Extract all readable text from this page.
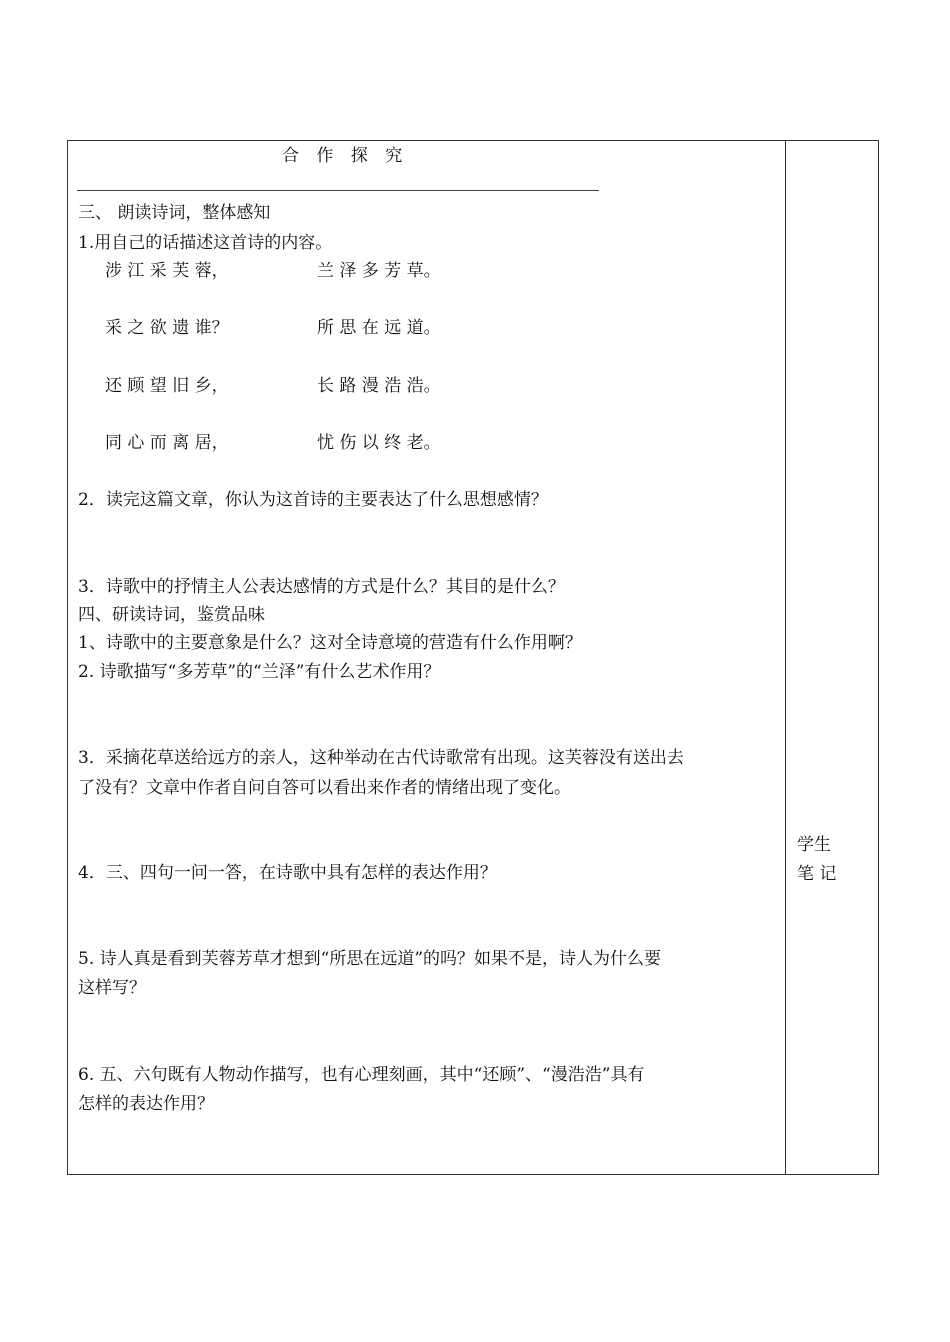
合 作 探 究
三、 朗读诗词，整体感知
1.用自己的话描述这首诗的内容。
涉 江 采 芙 蓉，	兰 泽 多 芳 草。
采 之 欲 遗 谁？	所 思 在 远 道。
还 顾 望 旧 乡，	长 路 漫 浩 浩。
同 心 而 离 居，	忧 伤 以 终 老。
2．读完这篇文章，你认为这首诗的主要表达了什么思想感情？
3．诗歌中的抒情主人公表达感情的方式是什么？其目的是什么？
四、研读诗词，鉴赏品味
1、诗歌中的主要意象是什么？这对全诗意境的营造有什么作用啊？
2. 诗歌描写“多芳草”的“兰泽”有什么艺术作用？
3．采摘花草送给远方的亲人，这种举动在古代诗歌常有出现。这芙蓉没有送出去
了没有？文章中作者自问自答可以看出来作者的情绪出现了变化。
4．三、四句一问一答，在诗歌中具有怎样的表达作用？
5. 诗人真是看到芙蓉芳草才想到“所思在远道”的吗？如果不是，诗人为什么要
这样写？
6. 五、六句既有人物动作描写，也有心理刻画，其中“还顾”、“漫浩浩”具有
怎样的表达作用？
学生
笔 记
